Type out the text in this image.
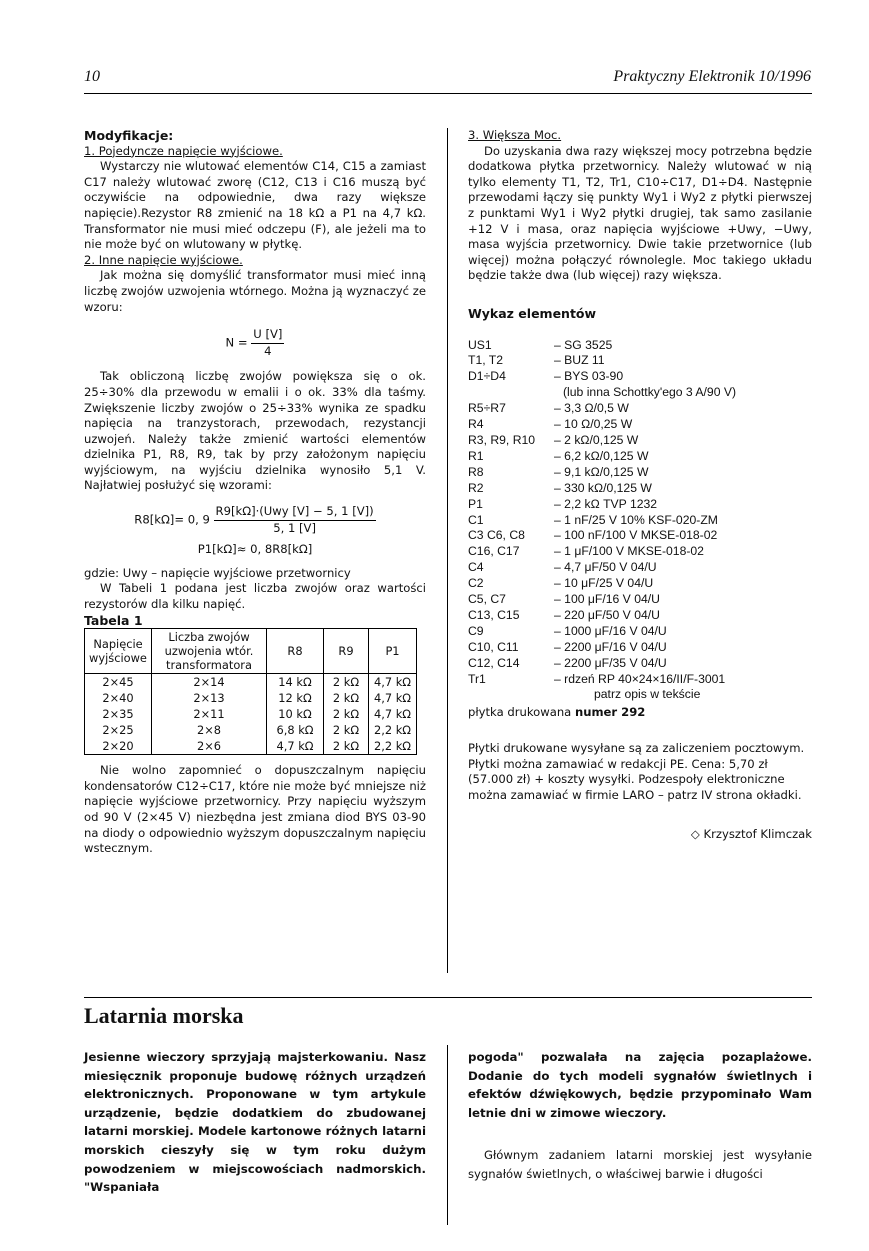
10	Praktyczny Elektronik 10/1996

Modyfikacje:

1. Pojedyncze napięcie wyjściowe.

Wystarczy nie wlutować elementów C14, C15 a zamiast C17 należy wlutować zworę (C12, C13 i C16 muszą być oczywiście na odpowiednie, dwa razy większe napięcie).Rezystor R8 zmienić na 18 kΩ a P1 na 4,7 kΩ. Transformator nie musi mieć odczepu (F), ale jeżeli ma to nie może być on wlutowany w płytkę.

2. Inne napięcie wyjściowe.

Jak można się domyślić transformator musi mieć inną liczbę zwojów uzwojenia wtórnego. Można ją wyznaczyć ze wzoru:

$N = \frac{U [V]}{4}$

Tak obliczoną liczbę zwojów powiększa się o ok. 25÷30% dla przewodu w emalii i o ok. 33% dla taśmy. Zwiększenie liczby zwojów o 25÷33% wynika ze spadku napięcia na tranzystorach, przewodach, rezystancji uzwojeń. Należy także zmienić wartości elementów dzielnika P1, R8, R9, tak by przy założonym napięciu wyjściowym, na wyjściu dzielnika wynosiło 5,1 V. Najłatwiej posłużyć się wzorami:

R8[kΩ]= 0, $9 \frac{\text{R9[kΩ]·(Uwy [V] − 5, 1 [V])}}{5, 1 [V]}$
P1[kΩ]≈ 0, 8R8[kΩ]

gdzie: Uwy – napięcie wyjściowe przetwornicy

W Tabeli 1 podana jest liczba zwojów oraz wartości rezystorów dla kilku napięć.

Tabela 1

Napięcie wyjściowe	Liczba zwojów uzwojenia wtór. transformatora	R8	R9	P1
2×45	2×14	14 kΩ	2 kΩ	4,7 kΩ
2×40	2×13	12 kΩ	2 kΩ	4,7 kΩ
2×35	2×11	10 kΩ	2 kΩ	4,7 kΩ
2×25	2×8	6,8 kΩ	2 kΩ	2,2 kΩ
2×20	2×6	4,7 kΩ	2 kΩ	2,2 kΩ

Nie wolno zapomnieć o dopuszczalnym napięciu kondensatorów C12÷C17, które nie może być mniejsze niż napięcie wyjściowe przetwornicy. Przy napięciu wyższym od 90 V (2×45 V) niezbędna jest zmiana diod BYS 03-90 na diody o odpowiednio wyższym dopuszczalnym napięciu wstecznym.

3. Większa Moc.

Do uzyskania dwa razy większej mocy potrzebna będzie dodatkowa płytka przetwornicy. Należy wlutować w nią tylko elementy T1, T2, Tr1, C10÷C17, D1÷D4. Następnie przewodami łączy się punkty Wy1 i Wy2 z płytki pierwszej z punktami Wy1 i Wy2 płytki drugiej, tak samo zasilanie +12 V i masa, oraz napięcia wyjściowe +Uwy, −Uwy, masa wyjścia przetwornicy. Dwie takie przetwornice (lub więcej) można połączyć równolegle. Moc takiego układu będzie także dwa (lub więcej) razy większa.

Wykaz elementów

US1	– SG 3525
T1, T2	– BUZ 11
D1÷D4	– BYS 03-90
(lub inna Schottky'ego 3 A/90 V)
R5÷R7	– 3,3 Ω/0,5 W
R4	– 10 Ω/0,25 W
R3, R9, R10	– 2 kΩ/0,125 W
R1	– 6,2 kΩ/0,125 W
R8	– 9,1 kΩ/0,125 W
R2	– 330 kΩ/0,125 W
P1	– 2,2 kΩ TVP 1232
C1	– 1 nF/25 V 10% KSF-020-ZM
C3 C6, C8	– 100 nF/100 V MKSE-018-02
C16, C17	– 1 μF/100 V MKSE-018-02
C4	– 4,7 μF/50 V 04/U
C2	– 10 μF/25 V 04/U
C5, C7	– 100 μF/16 V 04/U
C13, C15	– 220 μF/50 V 04/U
C9	– 1000 μF/16 V 04/U
C10, C11	– 2200 μF/16 V 04/U
C12, C14	– 2200 μF/35 V 04/U
Tr1	– rdzeń RP 40×24×16/II/F-3001
patrz opis w tekście

płytka drukowana numer 292

Płytki drukowane wysyłane są za zaliczeniem pocztowym. Płytki można zamawiać w redakcji PE. Cena: 5,70 zł (57.000 zł) + koszty wysyłki. Podzespoły elektroniczne można zamawiać w firmie LARO – patrz IV strona okładki.

◇ Krzysztof Klimczak

Latarnia morska
Jesienne wieczory sprzyjają majsterkowaniu. Nasz miesięcznik proponuje budowę różnych urządzeń elektronicznych. Proponowane w tym artykule urządzenie, będzie dodatkiem do zbudowanej latarni morskiej. Modele kartonowe różnych latarni morskich cieszyły się w tym roku dużym powodzeniem w miejscowościach nadmorskich. "Wspaniała
pogoda" pozwalała na zajęcia pozaplażowe. Dodanie do tych modeli sygnałów świetlnych i efektów dźwiękowych, będzie przypominało Wam letnie dni w zimowe wieczory.
Głównym zadaniem latarni morskiej jest wysyłanie sygnałów świetlnych, o właściwej barwie i długości
